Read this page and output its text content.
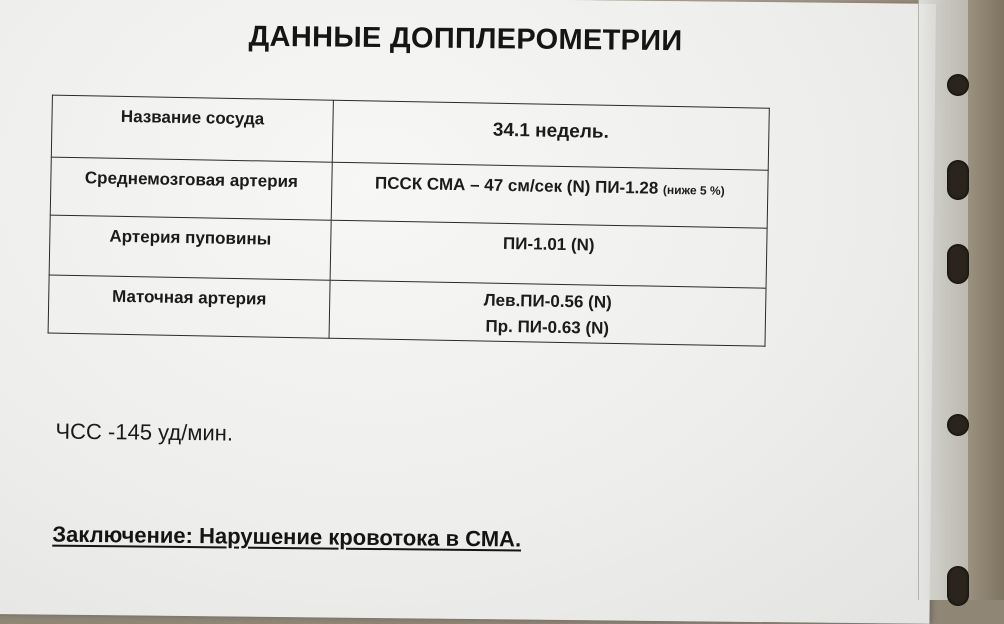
ДАННЫЕ ДОППЛЕРОМЕТРИИ
Название сосуда	34.1 недель.

Среднемозговая артерия	ПССК СМА – 47 см/сек (N) ПИ-1.28 (ниже 5 %)

Артерия пуповины	ПИ-1.01 (N)

Маточная артерия	Лев.ПИ-0.56 (N)
Пр. ПИ-0.63 (N)
ЧСС -145 уд/мин.
Заключение: Нарушение кровотока в СМА.
